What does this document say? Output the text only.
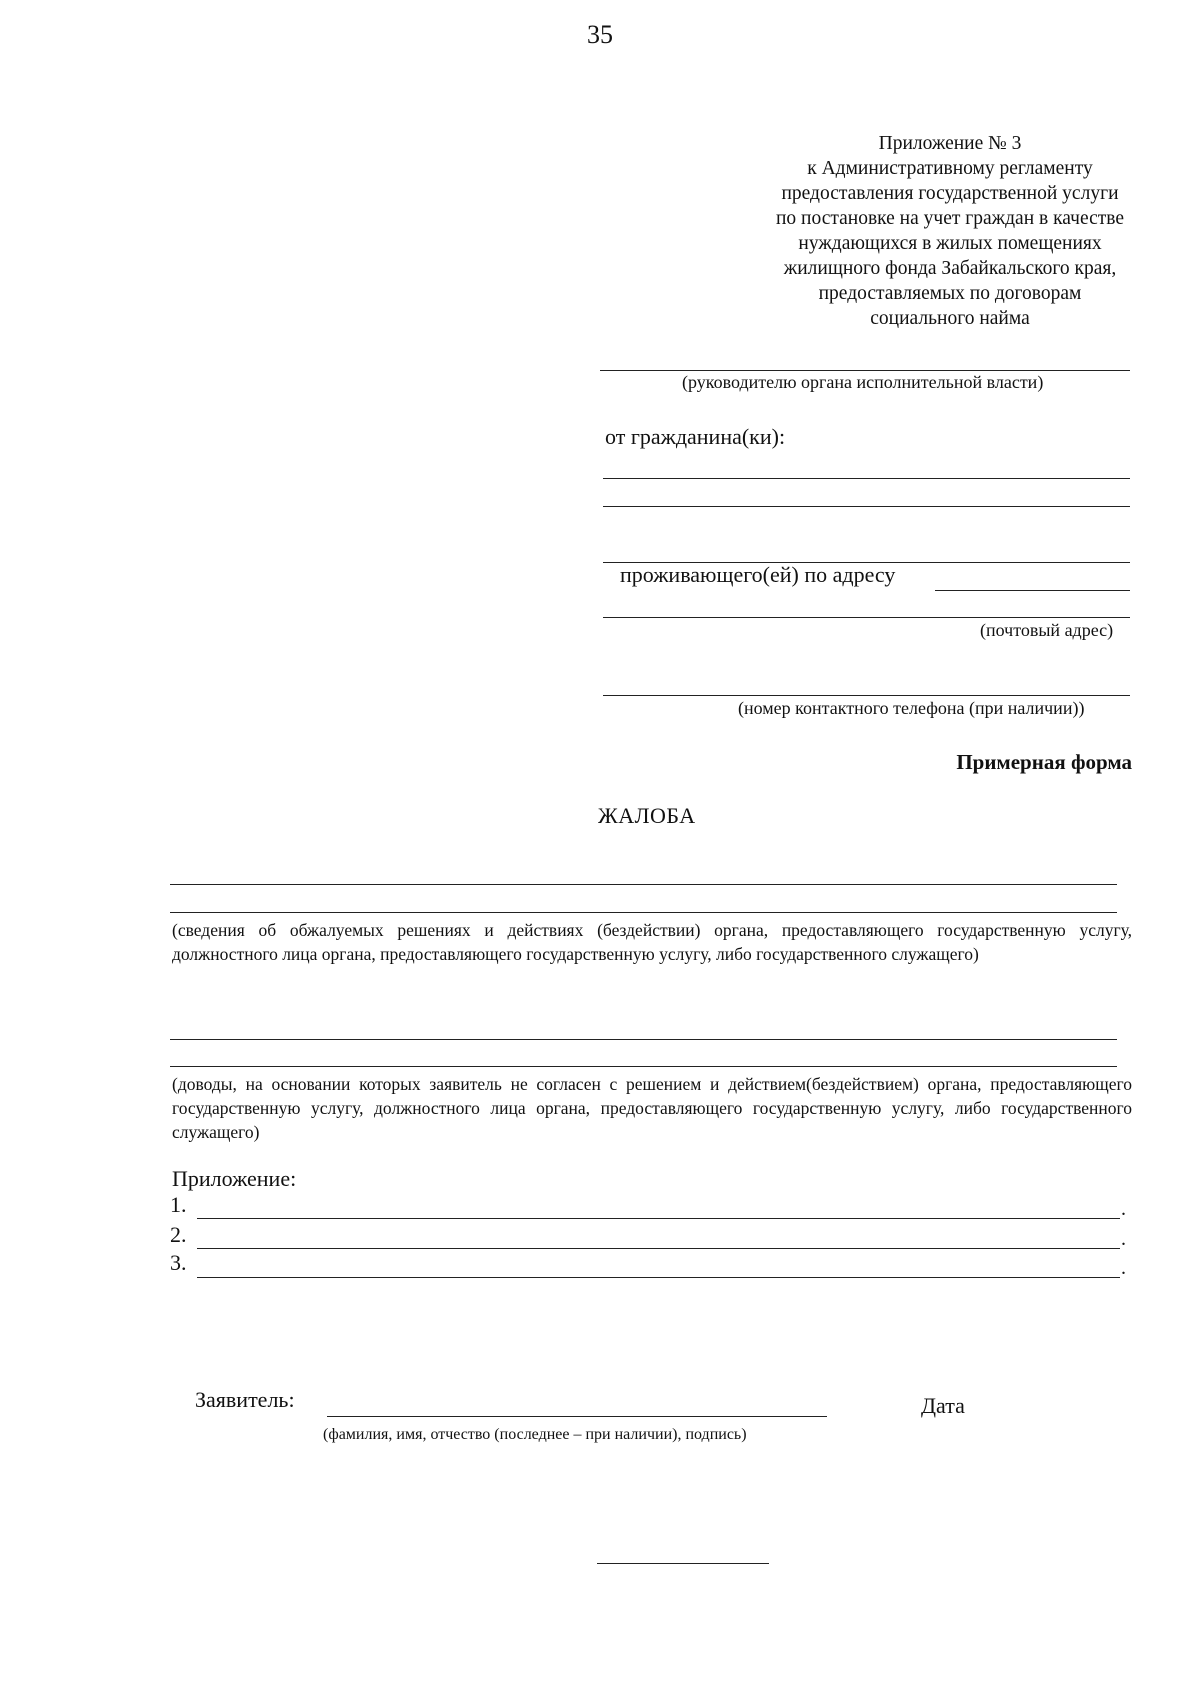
35
Приложение № 3
к Административному регламенту
предоставления государственной услуги
по постановке на учет граждан в качестве
нуждающихся в жилых помещениях
жилищного фонда Забайкальского края,
предоставляемых по договорам
социального найма
(руководителю органа исполнительной власти)
от гражданина(ки):
проживающего(ей) по адресу
(почтовый адрес)
(номер контактного телефона (при наличии))
Примерная форма
ЖАЛОБА
(сведения об обжалуемых решениях и действиях (бездействии) органа, предоставляющего государственную услугу, должностного лица органа, предоставляющего государственную услугу, либо государственного служащего)
(доводы, на основании которых заявитель не согласен с решением и действием(бездействием) органа, предоставляющего государственную услугу, должностного лица органа, предоставляющего государственную услугу, либо государственного служащего)
Приложение:
1.	.
2.	.
3.	.
Заявитель:
(фамилия, имя, отчество (последнее – при наличии), подпись)
Дата
